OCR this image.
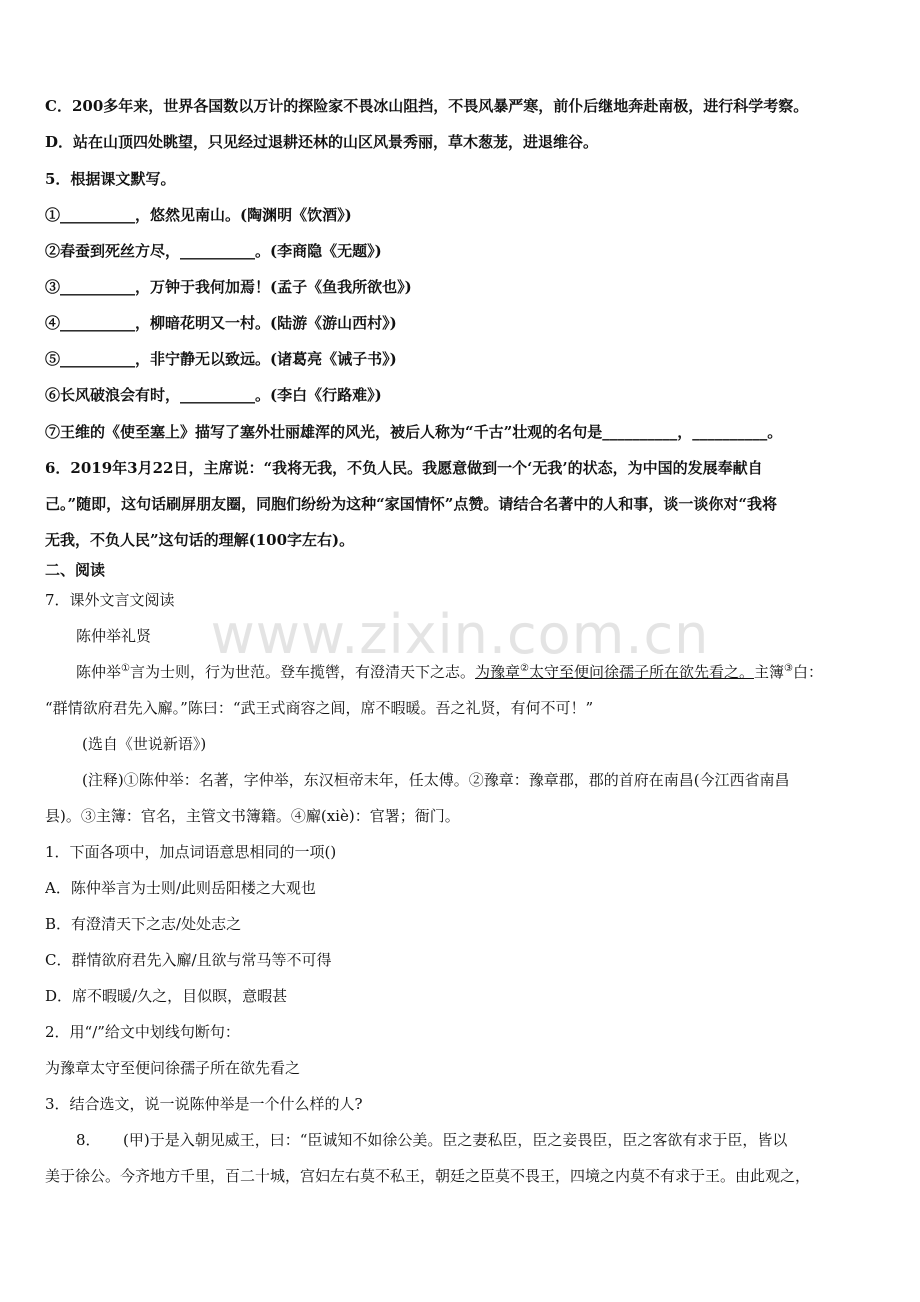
www.zixin.com.cn
C．200多年来，世界各国数以万计的探险家不畏冰山阻挡，不畏风暴严寒，前仆后继地奔赴南极，进行科学考察。
D．站在山顶四处眺望，只见经过退耕还林的山区风景秀丽，草木葱茏，进退维谷。
5．根据课文默写。
①__________，悠然见南山。(陶渊明《饮酒》)
②春蚕到死丝方尽，__________。(李商隐《无题》)
③__________，万钟于我何加焉！(孟子《鱼我所欲也》)
④__________，柳暗花明又一村。(陆游《游山西村》)
⑤__________，非宁静无以致远。(诸葛亮《诫子书》)
⑥长风破浪会有时，__________。(李白《行路难》)
⑦王维的《使至塞上》描写了塞外壮丽雄浑的风光，被后人称为“千古”壮观的名句是__________，__________。
6．2019年3月22日，主席说：“我将无我，不负人民。我愿意做到一个‘无我’的状态，为中国的发展奉献自
己。”随即，这句话刷屏朋友圈，同胞们纷纷为这种“家国情怀”点赞。请结合名著中的人和事，谈一谈你对“我将
无我，不负人民”这句话的理解(100字左右)。
二、阅读
7．课外文言文阅读
陈仲举礼贤
陈仲举①言为士则，行为世范。登车揽辔，有澄清天下之志。为豫章②太守至便问徐孺子所在欲先看之。主簿③白：
“群情欲府君先入廨。”陈曰：“武王式商容之闾，席不暇暖。吾之礼贤，有何不可！”
(选自《世说新语》)
(注释)①陈仲举：名著，字仲举，东汉桓帝末年，任太傅。②豫章：豫章郡，郡的首府在南昌(今江西省南昌
县)。③主簿：官名，主管文书簿籍。④廨(xiè)：官署；衙门。
1．下面各项中，加点词语意思相同的一项()
A．陈仲举言为士则/此则岳阳楼之大观也
B．有澄清天下之志/处处志之
C．群情欲府君先入廨/且欲与常马等不可得
D．席不暇暖/久之，目似瞑，意暇甚
2．用“/”给文中划线句断句：
为豫章太守至便问徐孺子所在欲先看之
3．结合选文，说一说陈仲举是一个什么样的人?
8．　　(甲)于是入朝见威王，曰：“臣诚知不如徐公美。臣之妻私臣，臣之妾畏臣，臣之客欲有求于臣，皆以
美于徐公。今齐地方千里，百二十城，宫妇左右莫不私王，朝廷之臣莫不畏王，四境之内莫不有求于王。由此观之，
